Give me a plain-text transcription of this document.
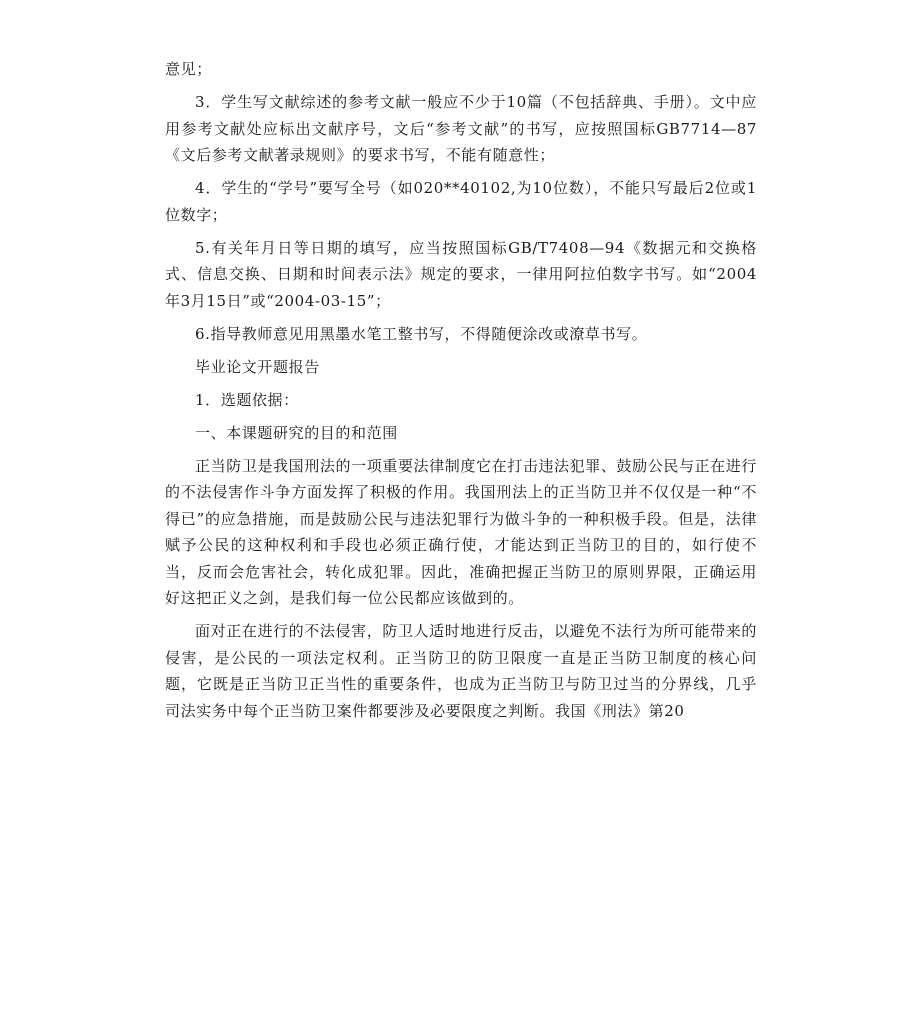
意见；

3．学生写文献综述的参考文献一般应不少于10篇（不包括辞典、手册）。文中应用参考文献处应标出文献序号，文后“参考文献”的书写，应按照国标GB7714—87《文后参考文献著录规则》的要求书写，不能有随意性；

4．学生的“学号”要写全号（如020**40102,为10位数），不能只写最后2位或1位数字；

5.有关年月日等日期的填写，应当按照国标GB/T7408—94《数据元和交换格式、信息交换、日期和时间表示法》规定的要求，一律用阿拉伯数字书写。如“2004年3月15日”或“2004-03-15”；

6.指导教师意见用黑墨水笔工整书写，不得随便涂改或潦草书写。

毕业论文开题报告

1．选题依据：

一、本课题研究的目的和范围

正当防卫是我国刑法的一项重要法律制度它在打击违法犯罪、鼓励公民与正在进行的不法侵害作斗争方面发挥了积极的作用。我国刑法上的正当防卫并不仅仅是一种“不得已”的应急措施，而是鼓励公民与违法犯罪行为做斗争的一种积极手段。但是，法律赋予公民的这种权利和手段也必须正确行使，才能达到正当防卫的目的，如行使不当，反而会危害社会，转化成犯罪。因此，准确把握正当防卫的原则界限，正确运用好这把正义之剑，是我们每一位公民都应该做到的。

面对正在进行的不法侵害，防卫人适时地进行反击，以避免不法行为所可能带来的侵害，是公民的一项法定权利。正当防卫的防卫限度一直是正当防卫制度的核心问题，它既是正当防卫正当性的重要条件，也成为正当防卫与防卫过当的分界线，几乎司法实务中每个正当防卫案件都要涉及必要限度之判断。我国《刑法》第20
